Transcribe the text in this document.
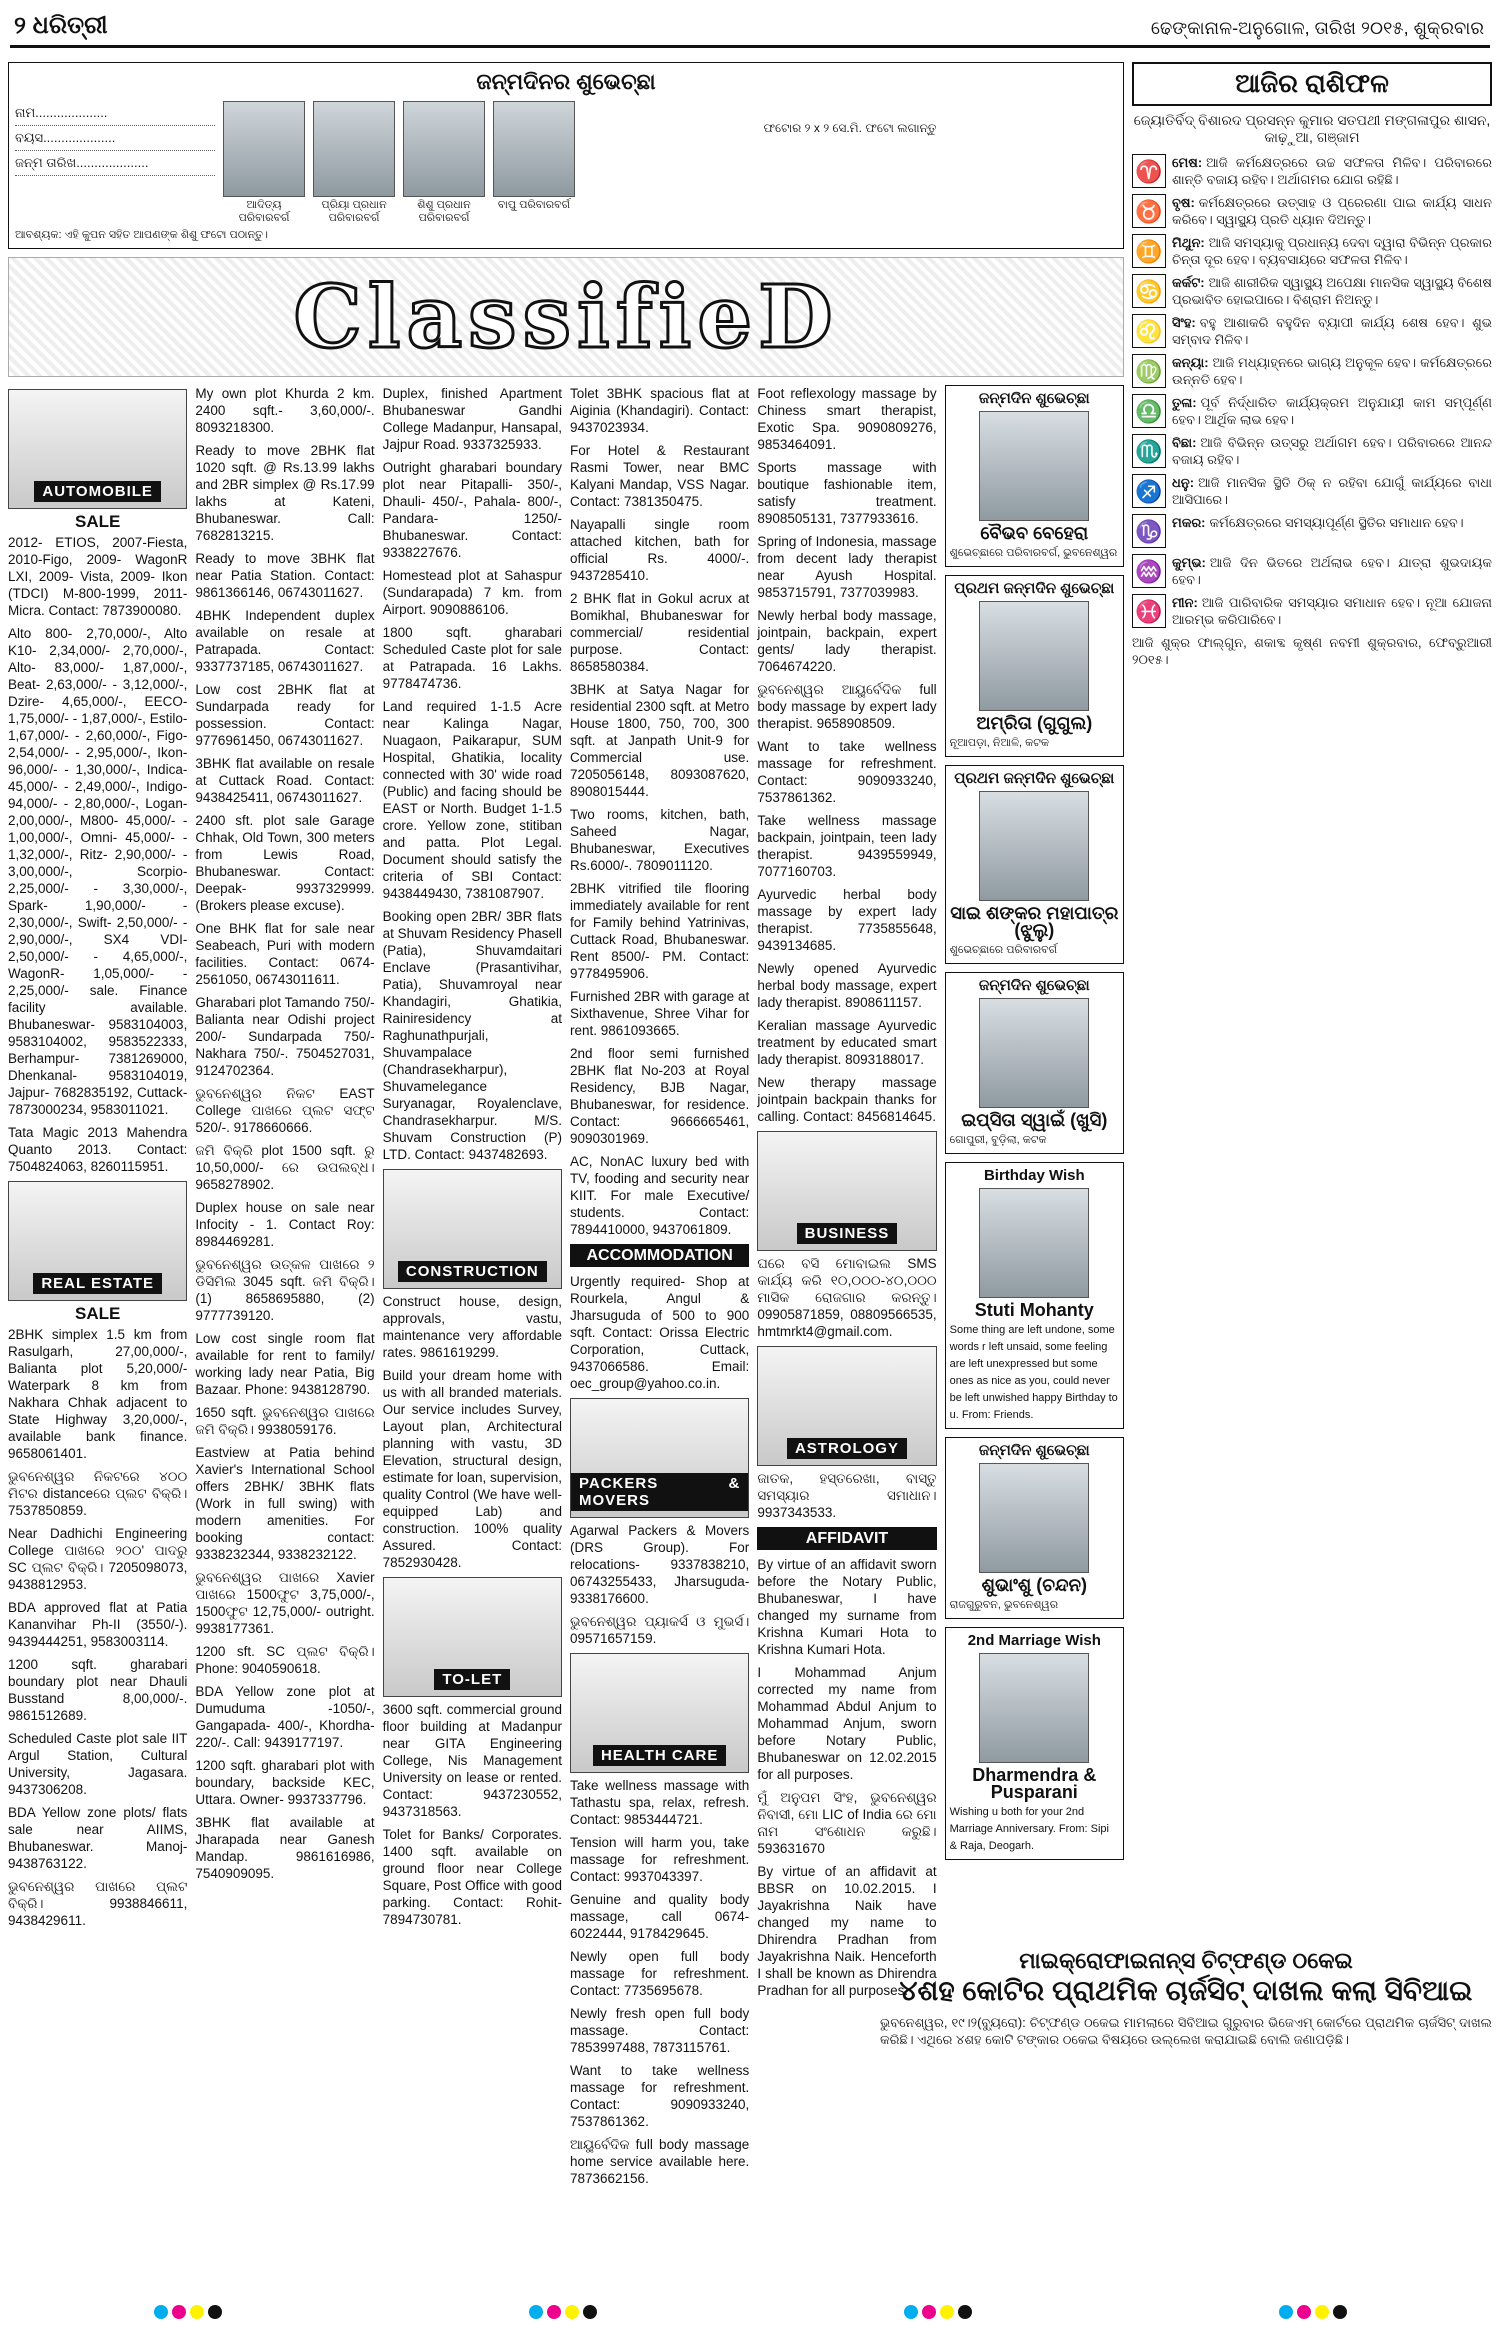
୨ ଧରିତ୍ରୀ	ଢେଙ୍କାନାଳ-ଅନୁଗୋଳ, ତାରିଖ ୨୦୧୫, ଶୁକ୍ରବାର
ଜନ୍ମଦିନର ଶୁଭେଚ୍ଛା
ନାମ....................
ବୟସ....................
ଜନ୍ମ ତାରିଖ....................
ଆଦିତ୍ୟ ପରିବାରବର୍ଗ
ପ୍ରିୟା ପ୍ରଧାନ ପରିବାରବର୍ଗ
ଶିଶୁ ପ୍ରଧାନ ପରିବାରବର୍ଗ
ବାପୁ ପରିବାରବର୍ଗ
ଫଟୋର ୨ x ୨ ସେ.ମି. ଫଟୋ ଲଗାନ୍ତୁ
ଆବଶ୍ୟକ: ଏହି କୁପନ ସହିତ ଆପଣଙ୍କ ଶିଶୁ ଫଟୋ ପଠାନ୍ତୁ।
ClassifieD
AUTOMOBILE
SALE

2012- ETIOS, 2007-Fiesta, 2010-Figo, 2009- WagonR LXI, 2009- Vista, 2009- Ikon (TDCI) M-800-1999, 2011-Micra. Contact: 7873900080.

Alto 800- 2,70,000/-, Alto K10- 2,34,000/- 2,70,000/-, Alto- 83,000/- 1,87,000/-, Beat- 2,63,000/- - 3,12,000/-, Dzire- 4,65,000/-, EECO- 1,75,000/- - 1,87,000/-, Estilo- 1,67,000/- - 2,60,000/-, Figo- 2,54,000/- - 2,95,000/-, Ikon- 96,000/- - 1,30,000/-, Indica- 45,000/- - 2,49,000/-, Indigo- 94,000/- - 2,80,000/-, Logan- 2,00,000/-, M800- 45,000/- - 1,00,000/-, Omni- 45,000/- - 1,32,000/-, Ritz- 2,90,000/- - 3,00,000/-, Scorpio- 2,25,000/- - 3,30,000/-, Spark- 1,90,000/- - 2,30,000/-, Swift- 2,50,000/- - 2,90,000/-, SX4 VDI- 2,50,000/- - 4,65,000/-, WagonR- 1,05,000/- - 2,25,000/- sale. Finance facility available. Bhubaneswar- 9583104003, 9583104002, 9583522333, Berhampur- 7381269000, Dhenkanal- 9583104019, Jajpur- 7682835192, Cuttack- 7873000234, 9583011021.

Tata Magic 2013 Mahendra Quanto 2013. Contact: 7504824063, 8260115951.

REAL ESTATE
SALE

2BHK simplex 1.5 km from Rasulgarh, 27,00,000/-, Balianta plot 5,20,000/- Waterpark 8 km from Nakhara Chhak adjacent to State Highway 3,20,000/-, available bank finance. 9658061401.

ଭୁବନେଶ୍ୱର ନିକଟରେ ୪୦୦ ମିଟର distanceରେ ପ୍ଲଟ ବିକ୍ରି। 7537850859.

Near Dadhichi Engineering College ପାଖରେ ୨୦୦' ପାଦରୁ SC ପ୍ଲଟ ବିକ୍ରି। 7205098073, 9438812953.

BDA approved flat at Patia Kananvihar Ph-II (3550/-). 9439444251, 9583003114.

1200 sqft. gharabari boundary plot near Dhauli Busstand 8,00,000/-. 9861512689.

Scheduled Caste plot sale IIT Argul Station, Cultural University, Jagasara. 9437306208.

BDA Yellow zone plots/ flats sale near AIIMS, Bhubaneswar. Manoj- 9438763122.

ଭୁବନେଶ୍ୱର ପାଖରେ ପ୍ଲଟ ବିକ୍ରି। 9938846611, 9438429611.

My own plot Khurda 2 km. 2400 sqft.- 3,60,000/-. 8093218300.

Ready to move 2BHK flat 1020 sqft. @ Rs.13.99 lakhs and 2BR simplex @ Rs.17.99 lakhs at Kateni, Bhubaneswar. Call: 7682813215.

Ready to move 3BHK flat near Patia Station. Contact: 9861366146, 06743011627.

4BHK Independent duplex available on resale at Patrapada. Contact: 9337737185, 06743011627.

Low cost 2BHK flat at Sundarpada ready for possession. Contact: 9776961450, 06743011627.

3BHK flat available on resale at Cuttack Road. Contact: 9438425411, 06743011627.

2400 sft. plot sale Garage Chhak, Old Town, 300 meters from Lewis Road, Bhubaneswar. Contact: Deepak- 9937329999. (Brokers please excuse).

One BHK flat for sale near Seabeach, Puri with modern facilities. Contact: 0674-2561050, 06743011611.

Gharabari plot Tamando 750/- Balianta near Odishi project 200/- Sundarpada 750/- Nakhara 750/-. 7504527031, 9124702364.

ଭୁବନେଶ୍ୱର ନିକଟ EAST College ପାଖରେ ପ୍ଲଟ ସଫ୍ଟ 520/-. 9178660666.

ଜମି ବିକ୍ରି plot 1500 sqft. ରୁ 10,50,000/- ରେ ଉପଲବ୍ଧ। 9658278902.

Duplex house on sale near Infocity - 1. Contact Roy: 8984469281.

ଭୁବନେଶ୍ୱର ଉତ୍କଳ ପାଖରେ ୨ ଡିସିମିଲ 3045 sqft. ଜମି ବିକ୍ରି। (1) 8658695880, (2) 9777739120.

Low cost single room flat available for rent to family/ working lady near Patia, Big Bazaar. Phone: 9438128790.

1650 sqft. ଭୁବନେଶ୍ୱର ପାଖରେ ଜମି ବିକ୍ରି। 9938059176.

Eastview at Patia behind Xavier's International School offers 2BHK/ 3BHK flats (Work in full swing) with modern amenities. For booking contact: 9338232344, 9338232122.

ଭୁବନେଶ୍ୱର ପାଖରେ Xavier ପାଖରେ 1500ଫୁଟ 3,75,000/-, 1500ଫୁଟ 12,75,000/- outright. 9938177361.

1200 sft. SC ପ୍ଲଟ ବିକ୍ରି। Phone: 9040590618.

BDA Yellow zone plot at Dumuduma -1050/-, Gangapada- 400/-, Khordha- 220/-. Call: 9439177197.

1200 sqft. gharabari plot with boundary, backside KEC, Uttara. Owner- 9937337796.

3BHK flat available at Jharapada near Ganesh Mandap. 9861616986, 7540909095.

Duplex, finished Apartment Bhubaneswar Gandhi College Madanpur, Hansapal, Jajpur Road. 9337325933.

Outright gharabari boundary plot near Pitapalli- 350/-, Dhauli- 450/-, Pahala- 800/-, Pandara- 1250/- Bhubaneswar. Contact: 9338227676.

Homestead plot at Sahaspur (Sundarapada) 7 km. from Airport. 9090886106.

1800 sqft. gharabari Scheduled Caste plot for sale at Patrapada. 16 Lakhs. 9778474736.

Land required 1-1.5 Acre near Kalinga Nagar, Nuagaon, Paikarapur, SUM Hospital, Ghatikia, locality connected with 30' wide road (Public) and facing should be EAST or North. Budget 1-1.5 crore. Yellow zone, stitiban and patta. Plot Legal. Document should satisfy the criteria of SBI Contact: 9438449430, 7381087907.

Booking open 2BR/ 3BR flats at Shuvam Residency Phasell (Patia), Shuvamdaitari Enclave (Prasantivihar, Patia), Shuvamroyal near Khandagiri, Ghatikia, Rainiresidency at Raghunathpurjali, Shuvampalace (Chandrasekharpur), Shuvamelegance Suryanagar, Royalenclave, Chandrasekharpur. M/S. Shuvam Construction (P) LTD. Contact: 9437482693.

CONSTRUCTION

Construct house, design, approvals, vastu, maintenance very affordable rates. 9861619299.

Build your dream home with us with all branded materials. Our service includes Survey, Layout plan, Architectural planning with vastu, 3D Elevation, structural design, estimate for loan, supervision, quality Control (We have well-equipped Lab) and construction. 100% quality Assured. Contact: 7852930428.

TO-LET

3600 sqft. commercial ground floor building at Madanpur near GITA Engineering College, Nis Management University on lease or rented. Contact: 9437230552, 9437318563.

Tolet for Banks/ Corporates. 1400 sqft. available on ground floor near College Square, Post Office with good parking. Contact: Rohit- 7894730781.

Tolet 3BHK spacious flat at Aiginia (Khandagiri). Contact: 9437023934.

For Hotel & Restaurant Rasmi Tower, near BMC Kalyani Mandap, VSS Nagar. Contact: 7381350475.

Nayapalli single room attached kitchen, bath for official Rs. 4000/-. 9437285410.

2 BHK flat in Gokul acrux at Bomikhal, Bhubaneswar for commercial/ residential purpose. Contact: 8658580384.

3BHK at Satya Nagar for residential 2300 sqft. at Metro House 1800, 750, 700, 300 sqft. at Janpath Unit-9 for Commercial use. 7205056148, 8093087620, 8908015444.

Two rooms, kitchen, bath, Saheed Nagar, Bhubaneswar, Executives Rs.6000/-. 7809011120.

2BHK vitrified tile flooring immediately available for rent for Family behind Yatrinivas, Cuttack Road, Bhubaneswar. Rent 8500/- PM. Contact: 9778495906.

Furnished 2BR with garage at Sixthavenue, Shree Vihar for rent. 9861093665.

2nd floor semi furnished 2BHK flat No-203 at Royal Residency, BJB Nagar, Bhubaneswar, for residence. Contact: 9666665461, 9090301969.

AC, NonAC luxury bed with TV, fooding and security near KIIT. For male Executive/ students. Contact: 7894410000, 9437061809.

ACCOMMODATION

Urgently required- Shop at Rourkela, Angul & Jharsuguda of 500 to 900 sqft. Contact: Orissa Electric Corporation, Cuttack, 9437066586. Email: oec_group@yahoo.co.in.

PACKERS & MOVERS

Agarwal Packers & Movers (DRS Group). For relocations- 9337838210, 06743255433, Jharsuguda- 9338176600.

ଭୁବନେଶ୍ୱର ପ୍ୟାକର୍ସ ଓ ମୁଭର୍ସ। 09571657159.

HEALTH CARE

Take wellness massage with Tathastu spa, relax, refresh. Contact: 9853444721.

Tension will harm you, take massage for refreshment. Contact: 9937043397.

Genuine and quality body massage, call 0674- 6022444, 9178429645.

Newly open full body massage for refreshment. Contact: 7735695678.

Newly fresh open full body massage. Contact: 7853997488, 7873115761.

Want to take wellness massage for refreshment. Contact: 9090933240, 7537861362.

ଆୟୁର୍ବେଦିକ full body massage home service available here. 7873662156.

Foot reflexology massage by Chiness smart therapist, Exotic Spa. 9090809276, 9853464091.

Sports massage with boutique fashionable item, satisfy treatment. 8908505131, 7377933616.

Spring of Indonesia, massage from decent lady therapist near Ayush Hospital. 9853715791, 7377039983.

Newly herbal body massage, jointpain, backpain, expert gents/ lady therapist. 7064674220.

ଭୁବନେଶ୍ୱର ଆୟୁର୍ବେଦିକ full body massage by expert lady therapist. 9658908509.

Want to take wellness massage for refreshment. Contact: 9090933240, 7537861362.

Take wellness massage backpain, jointpain, teen lady therapist. 9439559949, 7077160703.

Ayurvedic herbal body massage by expert lady therapist. 7735855648, 9439134685.

Newly opened Ayurvedic herbal body massage, expert lady therapist. 8908611157.

Keralian massage Ayurvedic treatment by educated smart lady therapist. 8093188017.

New therapy massage jointpain backpain thanks for calling. Contact: 8456814645.

BUSINESS

ଘରେ ବସି ମୋବାଇଲ SMS କାର୍ଯ୍ୟ କରି ୧୦,୦୦୦-୪୦,୦୦୦ ମାସିକ ରୋଜଗାର କରନ୍ତୁ। 09905871859, 08809566535, hmtmrkt4@gmail.com.

ASTROLOGY

ଜାତକ, ହସ୍ତରେଖା, ବାସ୍ତୁ ସମସ୍ୟାର ସମାଧାନ। 9937343533.

AFFIDAVIT

By virtue of an affidavit sworn before the Notary Public, Bhubaneswar, I have changed my surname from Krishna Kumari Hota to Krishna Kumari Hota.

I Mohammad Anjum corrected my name from Mohammad Abdul Anjum to Mohammad Anjum, sworn before Notary Public, Bhubaneswar on 12.02.2015 for all purposes.

ମୁଁ ଅନୁପମ ସିଂହ, ଭୁବନେଶ୍ୱର ନିବାସୀ, ମୋ LIC of India ରେ ମୋ ନାମ ସଂଶୋଧନ କରୁଛି। 593631670

By virtue of an affidavit at BBSR on 10.02.2015. I Jayakrishna Naik have changed my name to Dhirendra Pradhan from Jayakrishna Naik. Henceforth I shall be known as Dhirendra Pradhan for all purposes.

ଜନ୍ମଦିନ ଶୁଭେଚ୍ଛା
ବୈଭବ ବେହେରା
ଶୁଭେଚ୍ଛାରେ ପରିବାରବର୍ଗ, ଭୁବନେଶ୍ୱର
ପ୍ରଥମ ଜନ୍ମଦିନ ଶୁଭେଚ୍ଛା
ଅମ୍ରିତା (ଗୁଗୁଲ)
ନୂଆପଡ଼ା, ନିଆଳି, କଟକ
ପ୍ରଥମ ଜନ୍ମଦିନ ଶୁଭେଚ୍ଛା
ସାଇ ଶଙ୍କର ମହାପାତ୍ର (ଝୁଲୁ)
ଶୁଭେଚ୍ଛାରେ ପରିବାରବର୍ଗ
ଜନ୍ମଦିନ ଶୁଭେଚ୍ଛା
ଇପ୍ସିତା ସ୍ୱାଇଁ (ଖୁସି)
ଗୋପୁରୀ, ବୁଡ଼ିଲା, କଟକ
Birthday Wish
Stuti Mohanty
Some thing are left undone, some words r left unsaid, some feeling are left unexpressed but some ones as nice as you, could never be left unwished happy Birthday to u. From: Friends.
ଜନ୍ମଦିନ ଶୁଭେଚ୍ଛା
ଶୁଭାଂଶୁ (ଚନ୍ଦନ)
ରାଜଗୁରୁବନ, ଭୁବନେଶ୍ୱର
2nd Marriage Wish
Dharmendra & Pusparani
Wishing u both for your 2nd Marriage Anniversary. From: Sipi & Raja, Deogarh.
ଆଜିର ରାଶିଫଳ
ଜ୍ୟୋତିର୍ବିଦ୍ ବିଶାରଦ ପ୍ରସନ୍ନ କୁମାର ସତପଥୀ ମଙ୍ଗଳାପୁର ଶାସନ, କାଢ଼ୁଆ, ଗଞ୍ଜାମ
♈ ମେଷ: ଆଜି କର୍ମକ୍ଷେତ୍ରରେ ଉଚ୍ଚ ସଫଳତା ମିଳିବ। ପରିବାରରେ ଶାନ୍ତି ବଜାୟ ରହିବ। ଅର୍ଥାଗମର ଯୋଗ ରହିଛି।
♉ ବୃଷ: କର୍ମକ୍ଷେତ୍ରରେ ଉତ୍ସାହ ଓ ପ୍ରେରଣା ପାଇ କାର୍ଯ୍ୟ ସାଧନ କରିବେ। ସ୍ୱାସ୍ଥ୍ୟ ପ୍ରତି ଧ୍ୟାନ ଦିଅନ୍ତୁ।
♊ ମିଥୁନ: ଆଜି ସମସ୍ୟାକୁ ପ୍ରଧାନ୍ୟ ଦେବା ଦ୍ୱାରା ବିଭିନ୍ନ ପ୍ରକାର ଚିନ୍ତା ଦୂର ହେବ। ବ୍ୟବସାୟରେ ସଫଳତା ମିଳିବ।
♋ କର୍କଟ: ଆଜି ଶାରୀରିକ ସ୍ୱାସ୍ଥ୍ୟ ଅପେକ୍ଷା ମାନସିକ ସ୍ୱାସ୍ଥ୍ୟ ବିଶେଷ ପ୍ରଭାବିତ ହୋଇପାରେ। ବିଶ୍ରାମ ନିଅନ୍ତୁ।
♌ ସିଂହ: ବହୁ ଆଶାକରି ବହୁଦିନ ବ୍ୟାପୀ କାର୍ଯ୍ୟ ଶେଷ ହେବ। ଶୁଭ ସମ୍ବାଦ ମିଳିବ।
♍ କନ୍ୟା: ଆଜି ମଧ୍ୟାହ୍ନରେ ଭାଗ୍ୟ ଅନୁକୂଳ ହେବ। କର୍ମକ୍ଷେତ୍ରରେ ଉନ୍ନତି ହେବ।
♎ ତୁଳା: ପୂର୍ବ ନିର୍ଦ୍ଧାରିତ କାର୍ଯ୍ୟକ୍ରମ ଅନୁଯାୟୀ କାମ ସମ୍ପୂର୍ଣ୍ଣ ହେବ। ଆର୍ଥିକ ଲାଭ ହେବ।
♏ ବିଛା: ଆଜି ବିଭିନ୍ନ ଉତ୍ସରୁ ଅର୍ଥାଗମ ହେବ। ପରିବାରରେ ଆନନ୍ଦ ବଜାୟ ରହିବ।
♐ ଧନୁ: ଆଜି ମାନସିକ ସ୍ଥିତି ଠିକ୍ ନ ରହିବା ଯୋଗୁଁ କାର୍ଯ୍ୟରେ ବାଧା ଆସିପାରେ।
♑ ମକର: କର୍ମକ୍ଷେତ୍ରରେ ସମସ୍ୟାପୂର୍ଣ୍ଣ ସ୍ଥିତିର ସମାଧାନ ହେବ।
♒ କୁମ୍ଭ: ଆଜି ଦିନ ଭିତରେ ଅର୍ଥଲାଭ ହେବ। ଯାତ୍ରା ଶୁଭଦାୟକ ହେବ।
♓ ମୀନ: ଆଜି ପାରିବାରିକ ସମସ୍ୟାର ସମାଧାନ ହେବ। ନୂଆ ଯୋଜନା ଆରମ୍ଭ କରିପାରିବେ।
ଆଜି ଶୁକ୍ର ଫାଲ୍ଗୁନ, ଶକାବ୍ଦ କୃଷ୍ଣ ନବମୀ ଶୁକ୍ରବାର, ଫେବ୍ରୁଆରୀ ୨୦୧୫।
ମାଇକ୍ରୋଫାଇନାନ୍ସ ଚିଟ୍‌ଫଣ୍ଡ ଠକେଇ
୪ଶହ କୋଟିର ପ୍ରାଥମିକ ଚାର୍ଜସିଟ୍ ଦାଖଲ କଲା ସିବିଆଇ
ଭୁବନେଶ୍ୱର, ୧୯।୨(ବ୍ୟୁରୋ): ଚିଟ୍‌ଫଣ୍ଡ ଠକେଇ ମାମଲାରେ ସିବିଆଇ ଗୁରୁବାର ଭିଜେଏମ୍ କୋର୍ଟରେ ପ୍ରାଥମିକ ଚାର୍ଜସିଟ୍ ଦାଖଲ କରିଛି। ଏଥିରେ ୪ଶହ କୋଟି ଟଙ୍କାର ଠକେଇ ବିଷୟରେ ଉଲ୍ଲେଖ କରାଯାଇଛି ବୋଲି ଜଣାପଡ଼ିଛି।
